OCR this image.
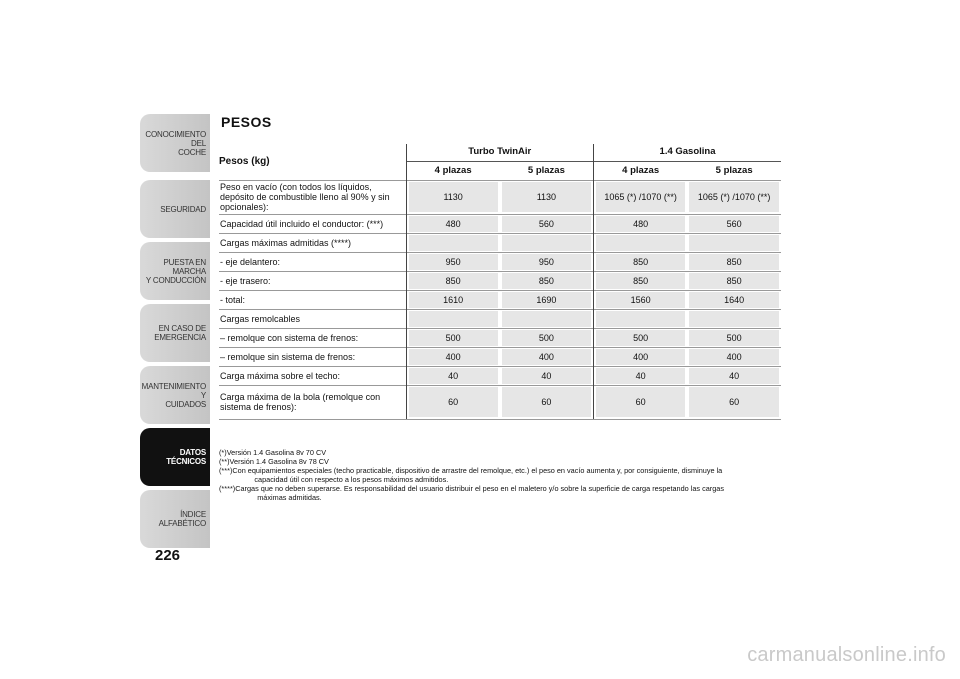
CONOCIMIENTO DEL
COCHE
SEGURIDAD
PUESTA EN MARCHA
Y CONDUCCIÓN
EN CASO DE
EMERGENCIA
MANTENIMIENTO Y
CUIDADOS
DATOS TÉCNICOS
ÍNDICE ALFABÉTICO
226
PESOS
Pesos (kg)	Turbo TwinAir		1.4 Gasolina	
	4 plazas	5 plazas	4 plazas	5 plazas
Peso en vacío (con todos los líquidos, depósito de combustible lleno al 90% y sin opcionales):	1130	1130	1065 (*) /1070 (**)	1065 (*) /1070 (**)

Capacidad útil incluido el conductor: (***)	480	560	480	560

Cargas máximas admitidas (****)	

- eje delantero:	950	950	850	850

- eje trasero:	850	850	850	850

- total:	1610	1690	1560	1640

Cargas remolcables	

– remolque con sistema de frenos:	500	500	500	500

– remolque sin sistema de frenos:	400	400	400	400

Carga máxima sobre el techo:	40	40	40	40

Carga máxima de la bola (remolque con sistema de frenos):	60	60	60	60
(*) Versión 1.4 Gasolina 8v 70 CV
(**) Versión 1.4 Gasolina 8v 78 CV
(***) Con equipamientos especiales (techo practicable, dispositivo de arrastre del remolque, etc.) el peso en vacío aumenta y, por consiguiente, disminuye la
capacidad útil con respecto a los pesos máximos admitidos.
(****) Cargas que no deben superarse. Es responsabilidad del usuario distribuir el peso en el maletero y/o sobre la superficie de carga respetando las cargas
máximas admitidas.
carmanualsonline.info
